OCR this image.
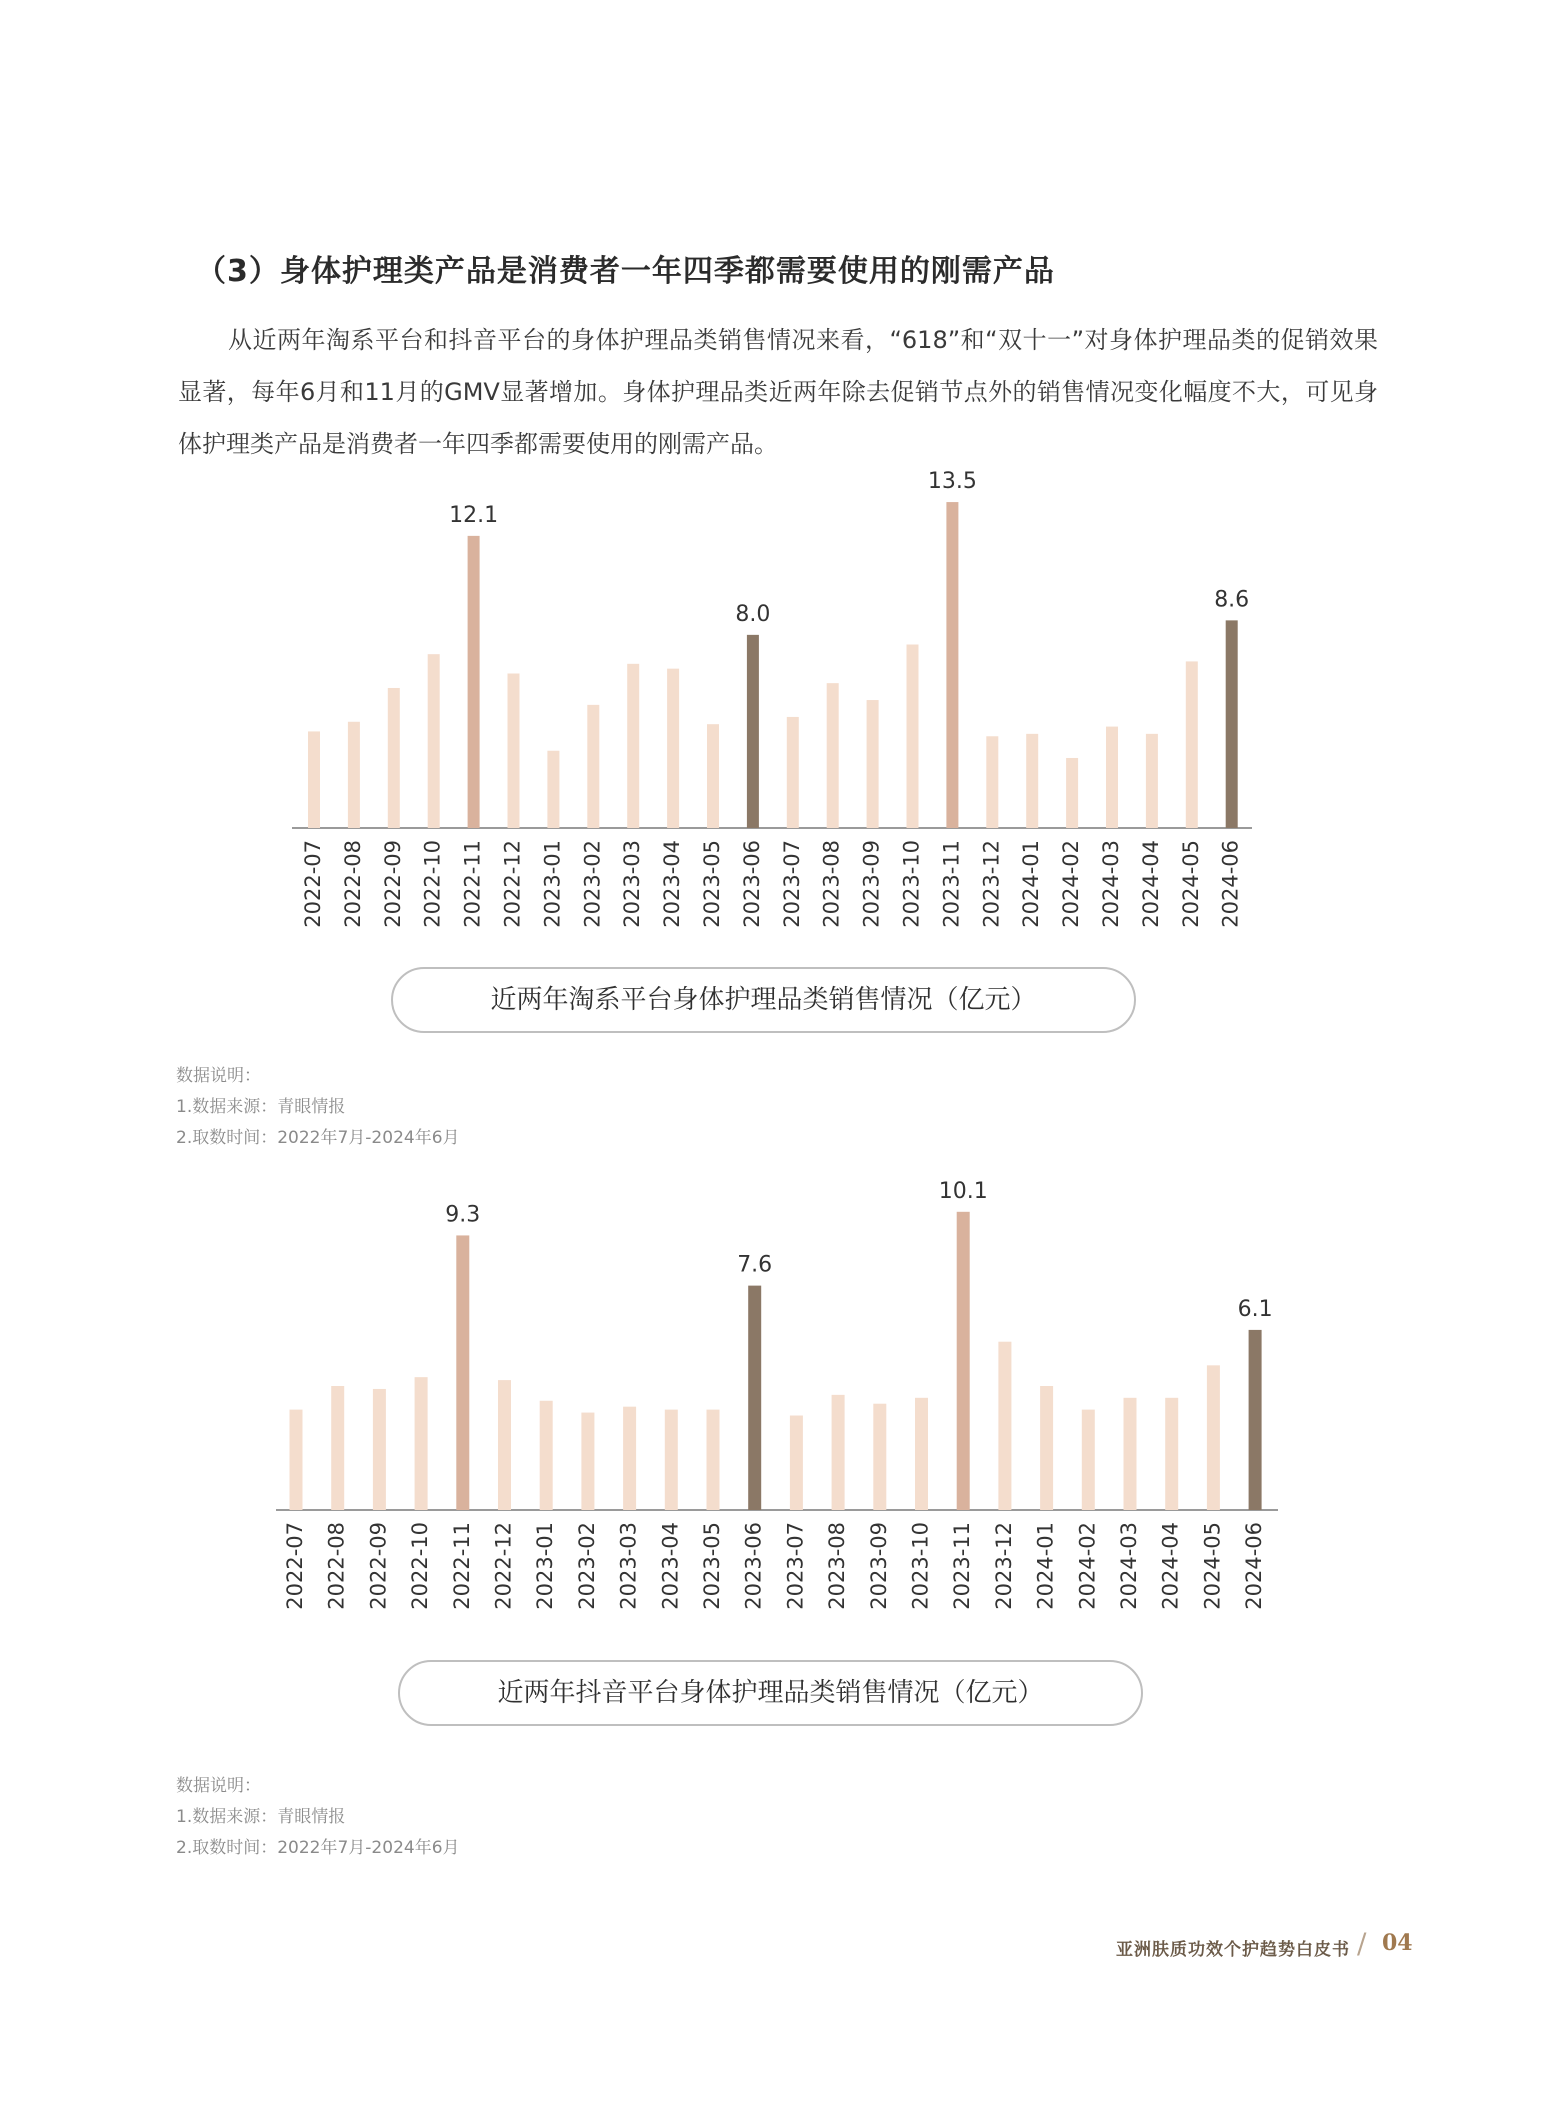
（3）身体护理类产品是消费者一年四季都需要使用的刚需产品

从近两年淘系平台和抖音平台的身体护理品类销售情况来看，“618”和“双十一”对身体护理品类的促销效果显著，每年6月和11月的GMV显著增加。身体护理品类近两年除去促销节点外的销售情况变化幅度不大，可见身体护理类产品是消费者一年四季都需要使用的刚需产品。

2022-07 2022-08 2022-09 2022-10 2022-11
12.1
2022-12 2023-01 2023-02 2023-03 2023-04 2023-05 2023-06
8.0
2023-07 2023-08 2023-09 2023-10 2023-11
13.5
2023-12 2024-01 2024-02 2024-03 2024-04 2024-05 2024-06
8.6
近两年淘系平台身体护理品类销售情况（亿元）
数据说明：
1.数据来源：青眼情报
2.取数时间：2022年7月-2024年6月
2022-07 2022-08 2022-09 2022-10 2022-11
9.3
2022-12 2023-01 2023-02 2023-03 2023-04 2023-05 2023-06
7.6
2023-07 2023-08 2023-09 2023-10 2023-11
10.1
2023-12 2024-01 2024-02 2024-03 2024-04 2024-05 2024-06
6.1
近两年抖音平台身体护理品类销售情况（亿元）
数据说明：
1.数据来源：青眼情报
2.取数时间：2022年7月-2024年6月
亚洲肤质功效个护趋势白皮书 / 04
